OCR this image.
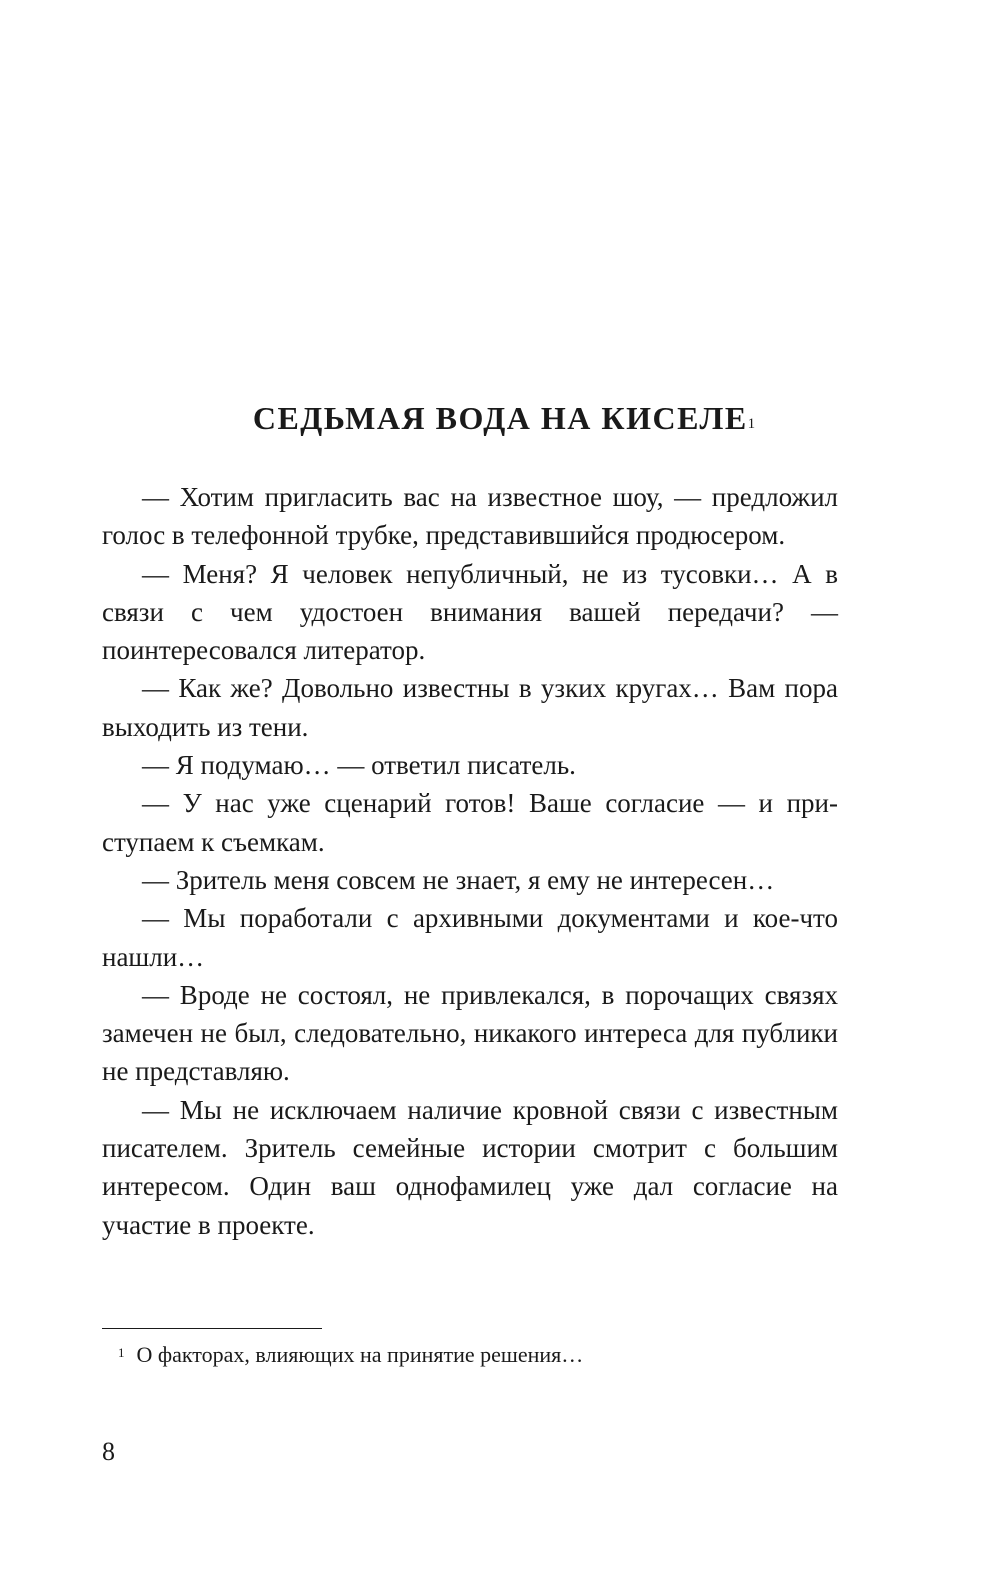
СЕДЬМАЯ ВОДА НА КИСЕЛЕ$^1$

— Хотим пригласить вас на известное шоу, — предложил голос в телефонной трубке, представившийся продюсером.

— Меня? Я человек непубличный, не из тусовки… А в связи с чем удостоен внимания вашей передачи? — поинтересовался литератор.

— Как же? Довольно известны в узких кругах… Вам пора выходить из тени.

— Я подумаю… — ответил писатель.

— У нас уже сценарий готов! Ваше согласие — и приступаем к съемкам.

— Зритель меня совсем не знает, я ему не интересен…

— Мы поработали с архивными документами и кое-что нашли…

— Вроде не состоял, не привлекался, в порочащих связях замечен не был, следовательно, никакого интереса для публики не представляю.

— Мы не исключаем наличие кровной связи с известным писателем. Зритель семейные истории смотрит с большим интересом. Один ваш однофамилец уже дал согласие на участие в проекте.

$^1$ О факторах, влияющих на принятие решения…
8
